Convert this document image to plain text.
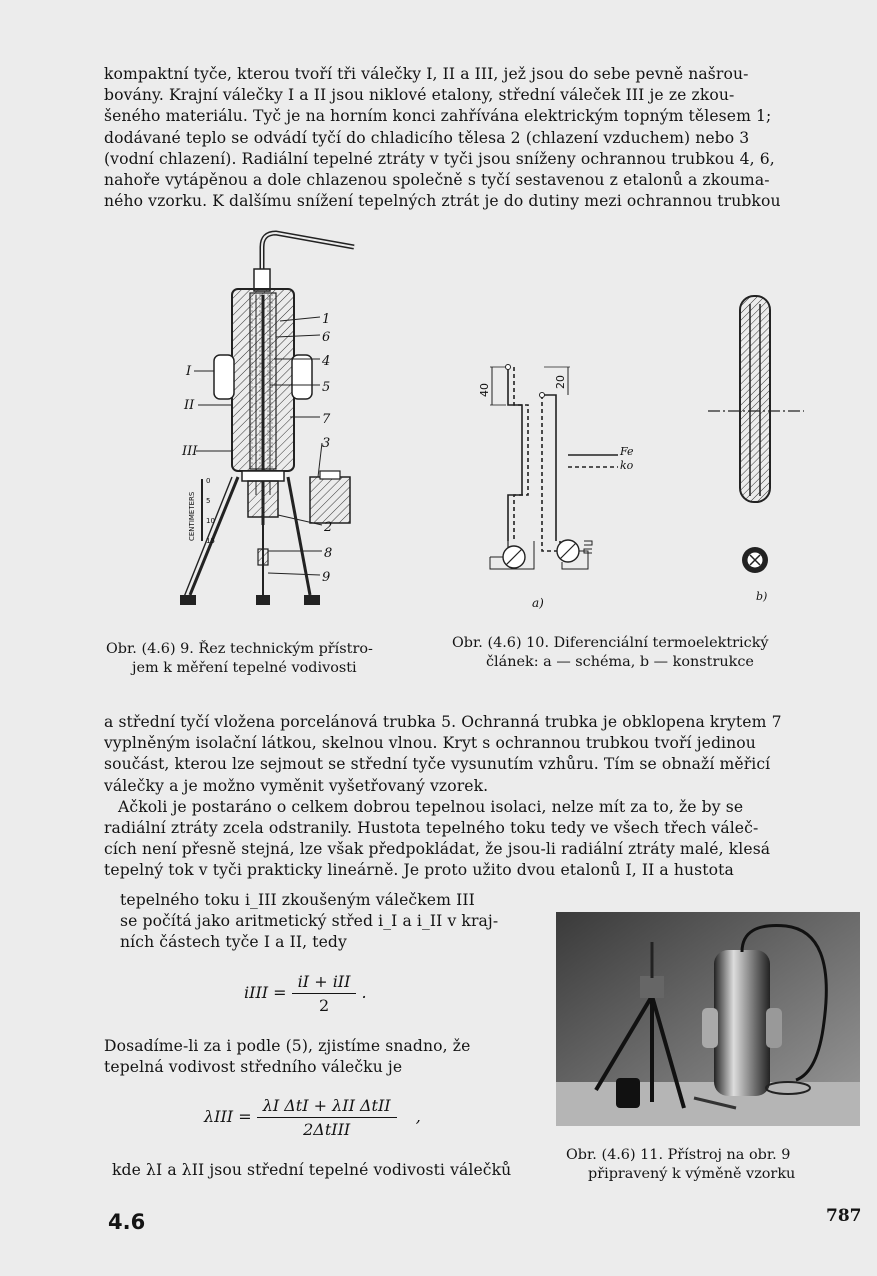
kompaktní tyče, kterou tvoří tři válečky I, II a III, jež jsou do sebe pevně našrou-
bovány. Krajní válečky I a II jsou niklové etalony, střední váleček III je ze zkou-
šeného materiálu. Tyč je na horním konci zahřívána elektrickým topným tělesem 1;
dodávané teplo se odvádí tyčí do chladicího tělesa 2 (chlazení vzduchem) nebo 3
(vodní chlazení). Radiální tepelné ztráty v tyči jsou sníženy ochrannou trubkou 4, 6,
nahoře vytápěnou a dole chlazenou společně s tyčí sestavenou z etalonů a zkouma-
ného vzorku. K dalšímu snížení tepelných ztrát je do dutiny mezi ochrannou trubkou

1
6
4
5
7
3
2
8
9
I
II
III
CENTIMETERS
0
5
10
15

Obr. (4.6) 9. Řez technickým přístro-
jem k měření tepelné vodivosti

40
20
Fe
ko
a)	b)

Obr. (4.6) 10. Diferenciální termoelektrický
článek: a — schéma, b — konstrukce

a střední tyčí vložena porcelánová trubka 5. Ochranná trubka je obklopena krytem 7
vyplněným isolační látkou, skelnou vlnou. Kryt s ochrannou trubkou tvoří jedinou
součást, kterou lze sejmout se střední tyče vysunutím vzhůru. Tím se obnaží měřicí
válečky a je možno vyměnit vyšetřovaný vzorek.
Ačkoli je postaráno o celkem dobrou tepelnou isolaci, nelze mít za to, že by se
radiální ztráty zcela odstranily. Hustota tepelného toku tedy ve všech třech váleč-
cích není přesně stejná, lze však předpokládat, že jsou-li radiální ztráty malé, klesá
tepelný tok v tyči prakticky lineárně. Je proto užito dvou etalonů I, II a hustota

tepelného toku i_III zkoušeným válečkem III
se počítá jako aritmetický střed i_I a i_II v kraj-
ních částech tyče I a II, tedy

iIII = $\frac{\text{iI + iII}}{2}$ .

Dosadíme-li za i podle (5), zjistíme snadno, že
tepelná vodivost středního válečku je

$\lambda III = \frac{\text{λI ΔtI + λII ΔtII}}{\text{2ΔtIII}}$ ,

kde λI a λII jsou střední tepelné vodivosti válečků

Obr. (4.6) 11. Přístroj na obr. 9
připravený k výměně vzorku

4.6	787
